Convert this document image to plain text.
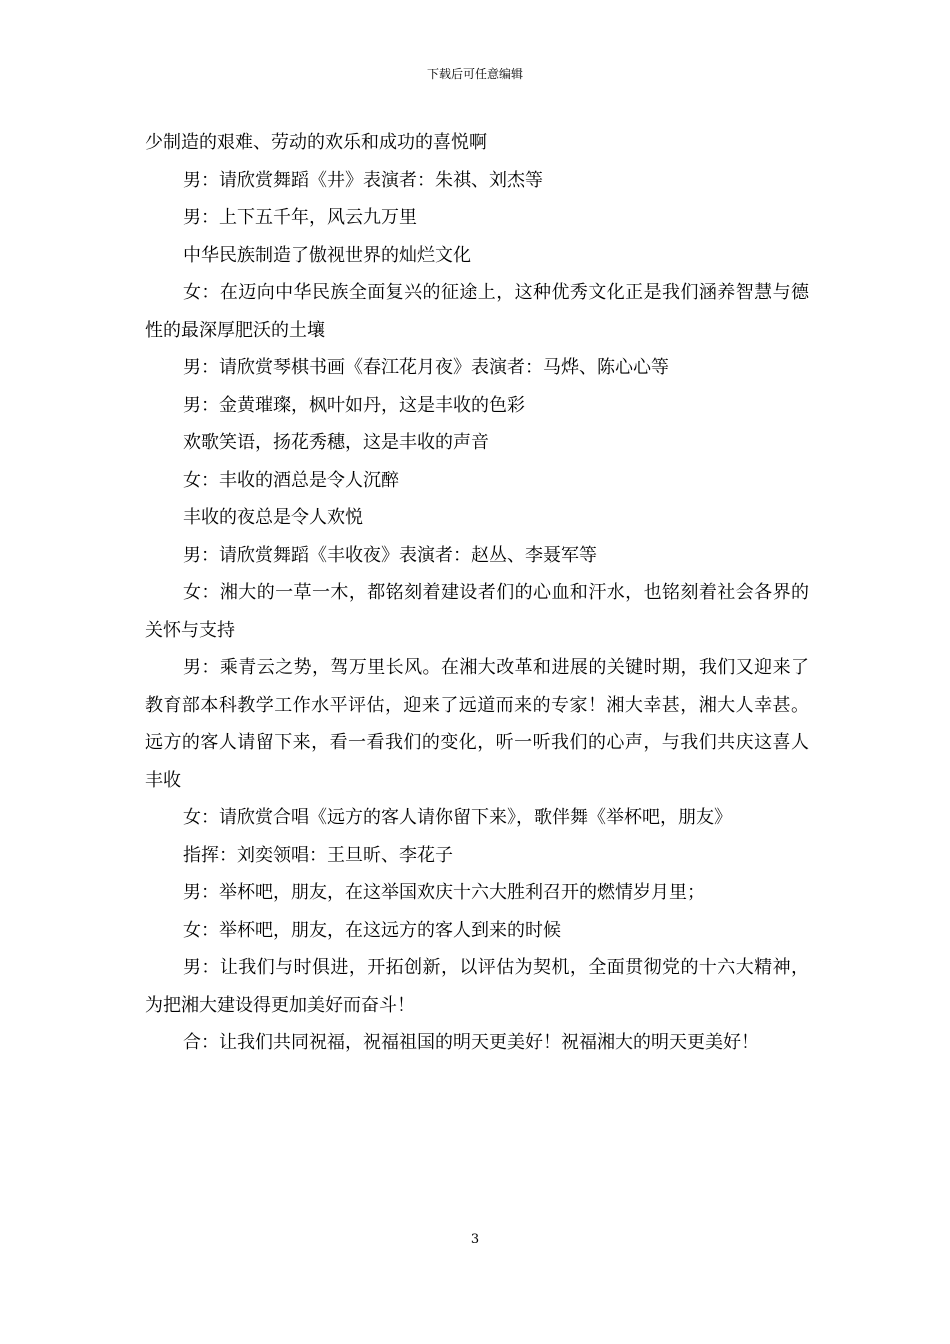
下载后可任意编辑

少制造的艰难、劳动的欢乐和成功的喜悦啊

男：请欣赏舞蹈《井》表演者：朱祺、刘杰等

男：上下五千年，风云九万里

中华民族制造了傲视世界的灿烂文化

女：在迈向中华民族全面复兴的征途上，这种优秀文化正是我们涵养智慧与德性的最深厚肥沃的土壤

男：请欣赏琴棋书画《春江花月夜》表演者：马烨、陈心心等

男：金黄璀璨，枫叶如丹，这是丰收的色彩

欢歌笑语，扬花秀穗，这是丰收的声音

女：丰收的酒总是令人沉醉

丰收的夜总是令人欢悦

男：请欣赏舞蹈《丰收夜》表演者：赵丛、李聂军等

女：湘大的一草一木，都铭刻着建设者们的心血和汗水，也铭刻着社会各界的关怀与支持

男：乘青云之势，驾万里长风。在湘大改革和进展的关键时期，我们又迎来了教育部本科教学工作水平评估，迎来了远道而来的专家！湘大幸甚，湘大人幸甚。远方的客人请留下来，看一看我们的变化，听一听我们的心声，与我们共庆这喜人丰收

女：请欣赏合唱《远方的客人请你留下来》，歌伴舞《举杯吧，朋友》

指挥：刘奕领唱：王旦昕、李花子

男：举杯吧，朋友，在这举国欢庆十六大胜利召开的燃情岁月里；

女：举杯吧，朋友，在这远方的客人到来的时候

男：让我们与时俱进，开拓创新，以评估为契机，全面贯彻党的十六大精神，为把湘大建设得更加美好而奋斗！

合：让我们共同祝福，祝福祖国的明天更美好！祝福湘大的明天更美好！

3
